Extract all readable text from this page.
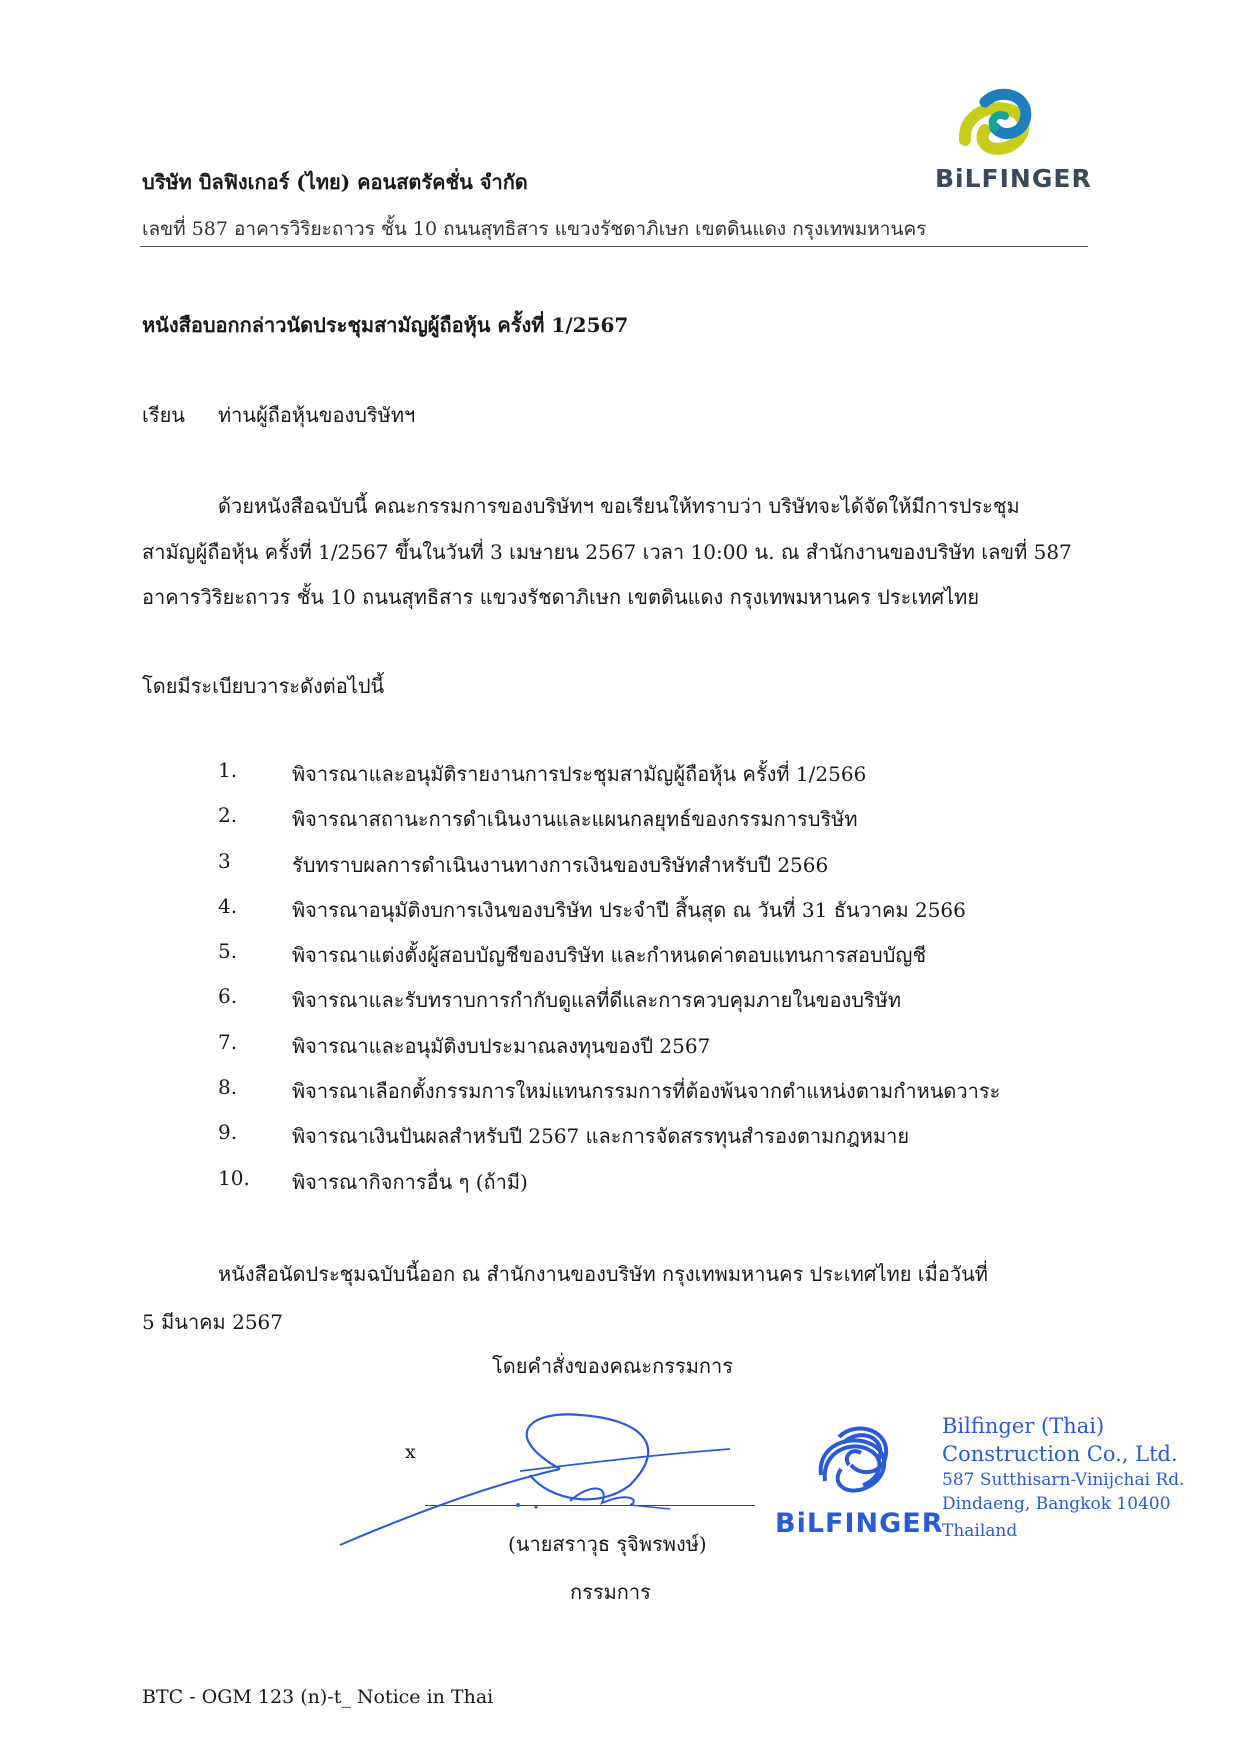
บริษัท บิลฟิงเกอร์ (ไทย) คอนสตรัคชั่น จำกัด
เลขที่ 587 อาคารวิริยะถาวร ชั้น 10 ถนนสุทธิสาร แขวงรัชดาภิเษก เขตดินแดง กรุงเทพมหานคร
BiLFINGER
หนังสือบอกกล่าวนัดประชุมสามัญผู้ถือหุ้น ครั้งที่ 1/2567
เรียน ท่านผู้ถือหุ้นของบริษัทฯ
ด้วยหนังสือฉบับนี้ คณะกรรมการของบริษัทฯ ขอเรียนให้ทราบว่า บริษัทจะได้จัดให้มีการประชุม
สามัญผู้ถือหุ้น ครั้งที่ 1/2567 ขึ้นในวันที่ 3 เมษายน 2567 เวลา 10:00 น. ณ สำนักงานของบริษัท เลขที่ 587
อาคารวิริยะถาวร ชั้น 10 ถนนสุทธิสาร แขวงรัชดาภิเษก เขตดินแดง กรุงเทพมหานคร ประเทศไทย
โดยมีระเบียบวาระดังต่อไปนี้
1.	พิจารณาและอนุมัติรายงานการประชุมสามัญผู้ถือหุ้น ครั้งที่ 1/2566
2.	พิจารณาสถานะการดำเนินงานและแผนกลยุทธ์ของกรรมการบริษัท
3	รับทราบผลการดำเนินงานทางการเงินของบริษัทสำหรับปี 2566
4.	พิจารณาอนุมัติงบการเงินของบริษัท ประจำปี สิ้นสุด ณ วันที่ 31 ธันวาคม 2566
5.	พิจารณาแต่งตั้งผู้สอบบัญชีของบริษัท และกำหนดค่าตอบแทนการสอบบัญชี
6.	พิจารณาและรับทราบการกำกับดูแลที่ดีและการควบคุมภายในของบริษัท
7.	พิจารณาและอนุมัติงบประมาณลงทุนของปี 2567
8.	พิจารณาเลือกตั้งกรรมการใหม่แทนกรรมการที่ต้องพ้นจากตำแหน่งตามกำหนดวาระ
9.	พิจารณาเงินปันผลสำหรับปี 2567 และการจัดสรรทุนสำรองตามกฎหมาย
10.	พิจารณากิจการอื่น ๆ (ถ้ามี)
หนังสือนัดประชุมฉบับนี้ออก ณ สำนักงานของบริษัท กรุงเทพมหานคร ประเทศไทย เมื่อวันที่
5 มีนาคม 2567
โดยคำสั่งของคณะกรรมการ
x
(นายสราวุธ รุจิพรพงษ์)
กรรมการ
BiLFINGER
Bilfinger (Thai)
Construction Co., Ltd.
587 Sutthisarn-Vinijchai Rd.
Dindaeng, Bangkok 10400
Thailand
BTC - OGM 123 (n)-t_ Notice in Thai
